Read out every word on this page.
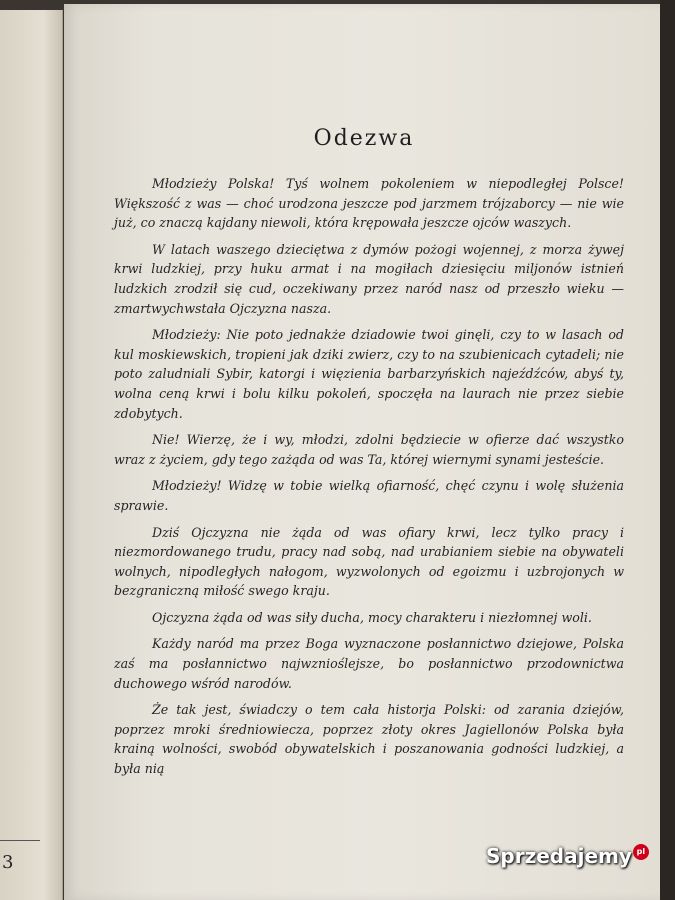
3
Odezwa

Młodzieży Polska! Tyś wolnem pokoleniem w niepodległej Polsce! Większość z was — choć urodzona jeszcze pod jarzmem trójzaborcy — nie wie już, co znaczą kajdany niewoli, która krępowała jeszcze ojców waszych.

W latach waszego dzieciętwa z dymów pożogi wojennej, z morza żywej krwi ludzkiej, przy huku armat i na mogiłach dziesięciu miljonów istnień ludzkich zrodził się cud, oczekiwany przez naród nasz od przeszło wieku — zmartwychwstała Ojczyzna nasza.

Młodzieży: Nie poto jednakże dziadowie twoi ginęli, czy to w lasach od kul moskiewskich, tropieni jak dziki zwierz, czy to na szubienicach cytadeli; nie poto zaludniali Sybir, katorgi i więzienia barbarzyńskich najeźdźców, abyś ty, wolna ceną krwi i bolu kilku pokoleń, spoczęła na laurach nie przez siebie zdobytych.

Nie! Wierzę, że i wy, młodzi, zdolni będziecie w ofierze dać wszystko wraz z życiem, gdy tego zażąda od was Ta, której wiernymi synami jesteście.

Młodzieży! Widzę w tobie wielką ofiarność, chęć czynu i wolę służenia sprawie.

Dziś Ojczyzna nie żąda od was ofiary krwi, lecz tylko pracy i niezmordowanego trudu, pracy nad sobą, nad urabianiem siebie na obywateli wolnych, nipodległych nałogom, wyzwolonych od egoizmu i uzbrojonych w bezgraniczną miłość swego kraju.

Ojczyzna żąda od was siły ducha, mocy charakteru i niezłomnej woli.

Każdy naród ma przez Boga wyznaczone posłannictwo dziejowe, Polska zaś ma posłannictwo najwznioślejsze, bo posłannictwo przodownictwa duchowego wśród narodów.

Że tak jest, świadczy o tem cała historja Polski: od zarania dziejów, poprzez mroki średniowiecza, poprzez złoty okres Jagiellonów Polska była krainą wolności, swobód obywatelskich i poszanowania godności ludzkiej, a była nią

Sprzedajemy pl
